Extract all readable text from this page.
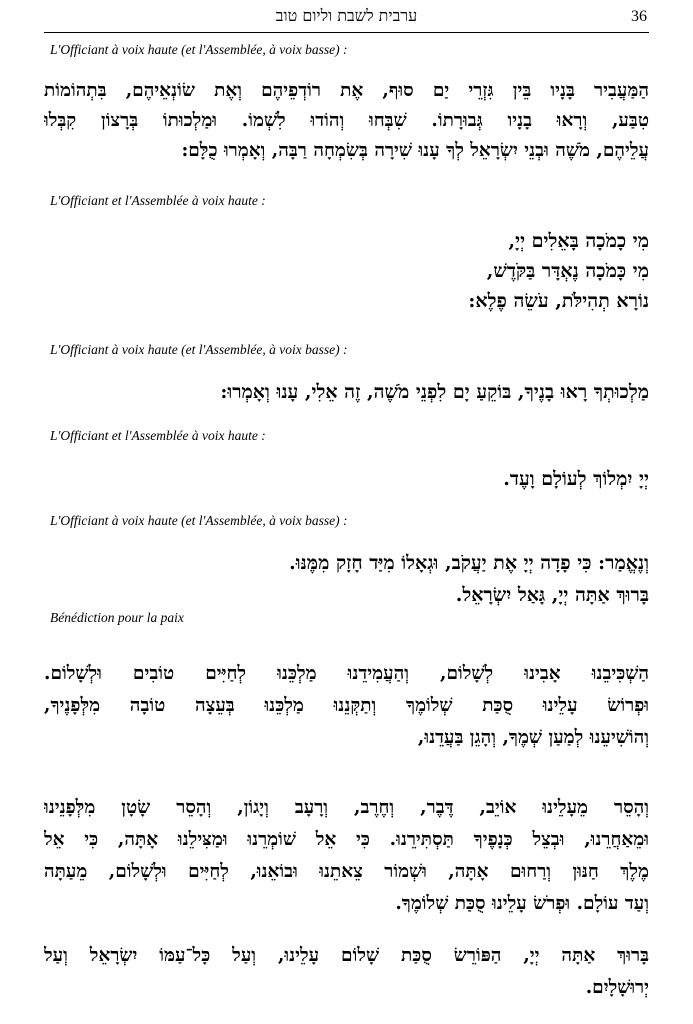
ערבית לשבת וליום טוב	36
L'Officiant à voix haute (et l'Assemblée, à voix basse) :
הַמַּעֲבִיר בָּנָיו בֵּין גִּזְרֵי יַם סוּף, אֶת רוֹדְפֵיהֶם וְאֶת שׂוֹנְאֵיהֶם, בִּתְהוֹמוֹת
טִבַּע, וְרָאוּ בָנָיו גְּבוּרָתוֹ. שִׁבְּחוּ וְהוֹדוּ לִשְׁמוֹ. וּמַלְכוּתוֹ בְּרָצוֹן קִבְּלוּ
עֲלֵיהֶם, מֹשֶׁה וּבְנֵי יִשְׂרָאֵל לְךָ עָנוּ שִׁירָה בְּשִׂמְחָה רַבָּה, וְאָמְרוּ כֻלָּם:
L'Officiant et l'Assemblée à voix haute :
מִי כָמֹכָה בָּאֵלִים יְיָ,
מִי כָּמֹכָה נֶאְדָּר בַּקֹּדֶשׁ,
נוֹרָא תְהִילֹּת, עֹשֵׂה פֶלֶא:
L'Officiant à voix haute (et l'Assemblée, à voix basse) :
מַלְכוּתְךָ רָאוּ בָנֶיךָ, בּוֹקֵעַ יָם לִפְנֵי מֹשֶׁה, זֶה אֵלִי, עָנוּ וְאָמְרוּ:
L'Officiant et l'Assemblée à voix haute :
יְיָ יִמְלוֹךְ לְעוֹלָם וָעֶד.
L'Officiant à voix haute (et l'Assemblée, à voix basse) :
וְנֶאֱמַר: כִּי פָדָה יְיָ אֶת יַעֲקֹב, וּגְאָלוֹ מִיַּד חָזָק מִמֶּנּוּ.
בָּרוּךְ אַתָּה יְיָ, גָּאַל יִשְׂרָאֵל.
Bénédiction pour la paix
הַשְׁכִּיבֵנוּ אָבִינוּ לְשָׁלוֹם, וְהַעֲמִידֵנוּ מַלְכֵּנוּ לְחַיִּים טוֹבִים וּלְשָׁלוֹם.
וּפְרוֹשׂ עָלֵינוּ סֻכַּת שְׁלוֹמֶךָ וְתַקְּנֵנוּ מַלְכֵּנוּ בְּעֵצָה טוֹבָה מִלְּפָנֶיךָ,
וְהוֹשִׁיעֵנוּ לְמַעַן שְׁמֶךָ, וְהָגֵן בַּעֲדֵנוּ,
וְהָסֵר מֵעָלֵינוּ אוֹיֵב, דֶּבֶר, וְחֶרֶב, וְרָעָב וְיָגוֹן, וְהָסֵר שָׂטָן מִלְּפָנֵינוּ
וּמֵאַחֲרֵנוּ, וּבְצֵל כְּנָפֶיךָ תַּסְתִּירֵנוּ. כִּי אֵל שׁוֹמְרֵנוּ וּמַצִּילֵנוּ אָתָּה, כִּי אֵל
מֶלֶךְ חַנּוּן וְרַחוּם אָתָּה, וּשְׁמוֹר צֵאתֵנוּ וּבוֹאֵנוּ, לְחַיִּים וּלְשָׁלוֹם, מֵעַתָּה
וְעַד עוֹלָם. וּפְרֹשׂ עָלֵינוּ סֻכַּת שְׁלוֹמֶךָ.
בָּרוּךְ אַתָּה יְיָ, הַפּוֹרֵשׂ סֻכַּת שָׁלוֹם עָלֵינוּ, וְעַל כָּל־עַמּוֹ יִשְׂרָאֵל וְעַל
יְרוּשָׁלָיִם.
